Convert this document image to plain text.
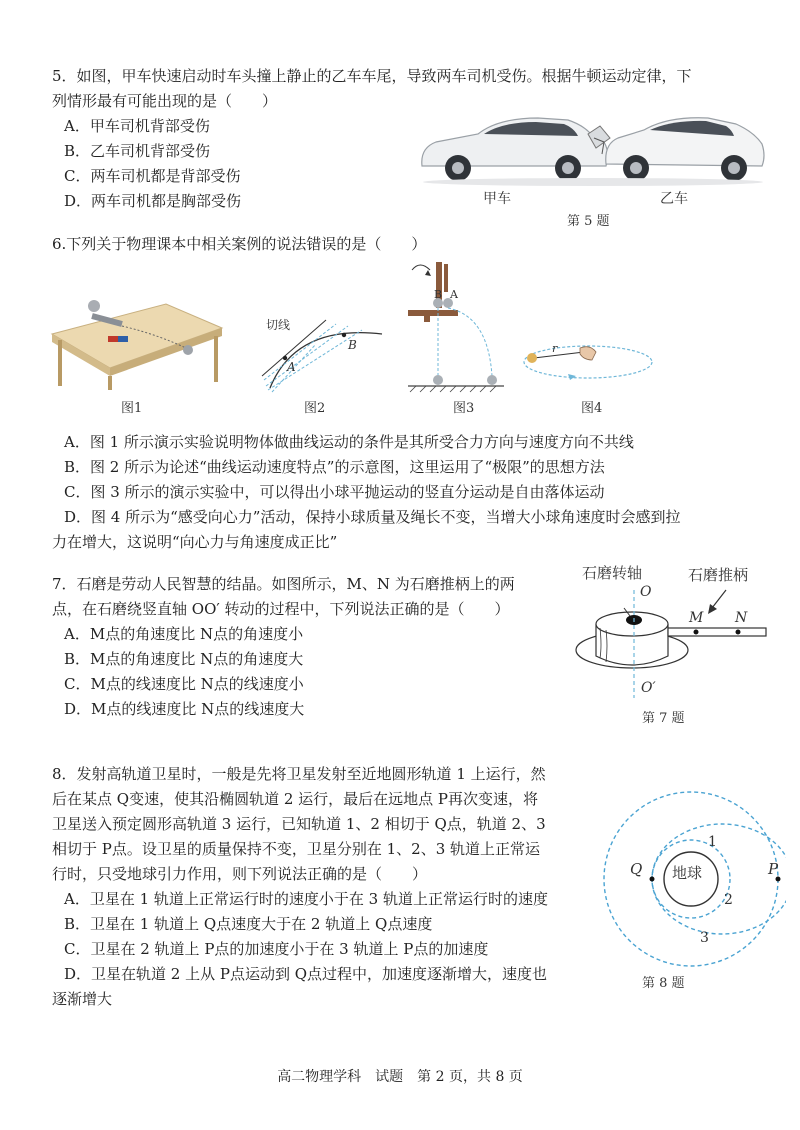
5．如图，甲车快速启动时车头撞上静止的乙车车尾，导致两车司机受伤。根据牛顿运动定律，下
列情形最有可能出现的是（　　）
A．甲车司机背部受伤
B．乙车司机背部受伤
C．两车司机都是背部受伤
D．两车司机都是胸部受伤	甲车	乙车
第 5 题
6.下列关于物理课本中相关案例的说法错误的是（　　）
图1
切线
A
B
图2
B A
图3
r
图4
A．图 1 所示演示实验说明物体做曲线运动的条件是其所受合力方向与速度方向不共线
B．图 2 所示为论述“曲线运动速度特点”的示意图，这里运用了“极限”的思想方法
C．图 3 所示的演示实验中，可以得出小球平抛运动的竖直分运动是自由落体运动
D．图 4 所示为“感受向心力”活动，保持小球质量及绳长不变，当增大小球角速度时会感到拉
力在增大，这说明“向心力与角速度成正比”
7．石磨是劳动人民智慧的结晶。如图所示，M、N 为石磨推柄上的两
点，在石磨绕竖直轴 OO′ 转动的过程中，下列说法正确的是（　　）
A．M点的角速度比 N点的角速度小
B．M点的角速度比 N点的角速度大
C．M点的线速度比 N点的线速度小
D．M点的线速度比 N点的线速度大
石磨转轴	石磨推柄
O
O′
M N
第 7 题
8．发射高轨道卫星时，一般是先将卫星发射至近地圆形轨道 1 上运行，然
后在某点 Q变速，使其沿椭圆轨道 2 运行，最后在远地点 P再次变速，将
卫星送入预定圆形高轨道 3 运行，已知轨道 1、2 相切于 Q点，轨道 2、3
相切于 P点。设卫星的质量保持不变，卫星分别在 1、2、3 轨道上正常运
行时，只受地球引力作用，则下列说法正确的是（　　）
A．卫星在 1 轨道上正常运行时的速度小于在 3 轨道上正常运行时的速度
B．卫星在 1 轨道上 Q点速度大于在 2 轨道上 Q点速度
C．卫星在 2 轨道上 P点的加速度小于在 3 轨道上 P点的加速度
D．卫星在轨道 2 上从 P点运动到 Q点过程中，加速度逐渐增大，速度也
逐渐增大
地球
Q	P
1
2
3
第 8 题
高二物理学科　试题　第 2 页，共 8 页
